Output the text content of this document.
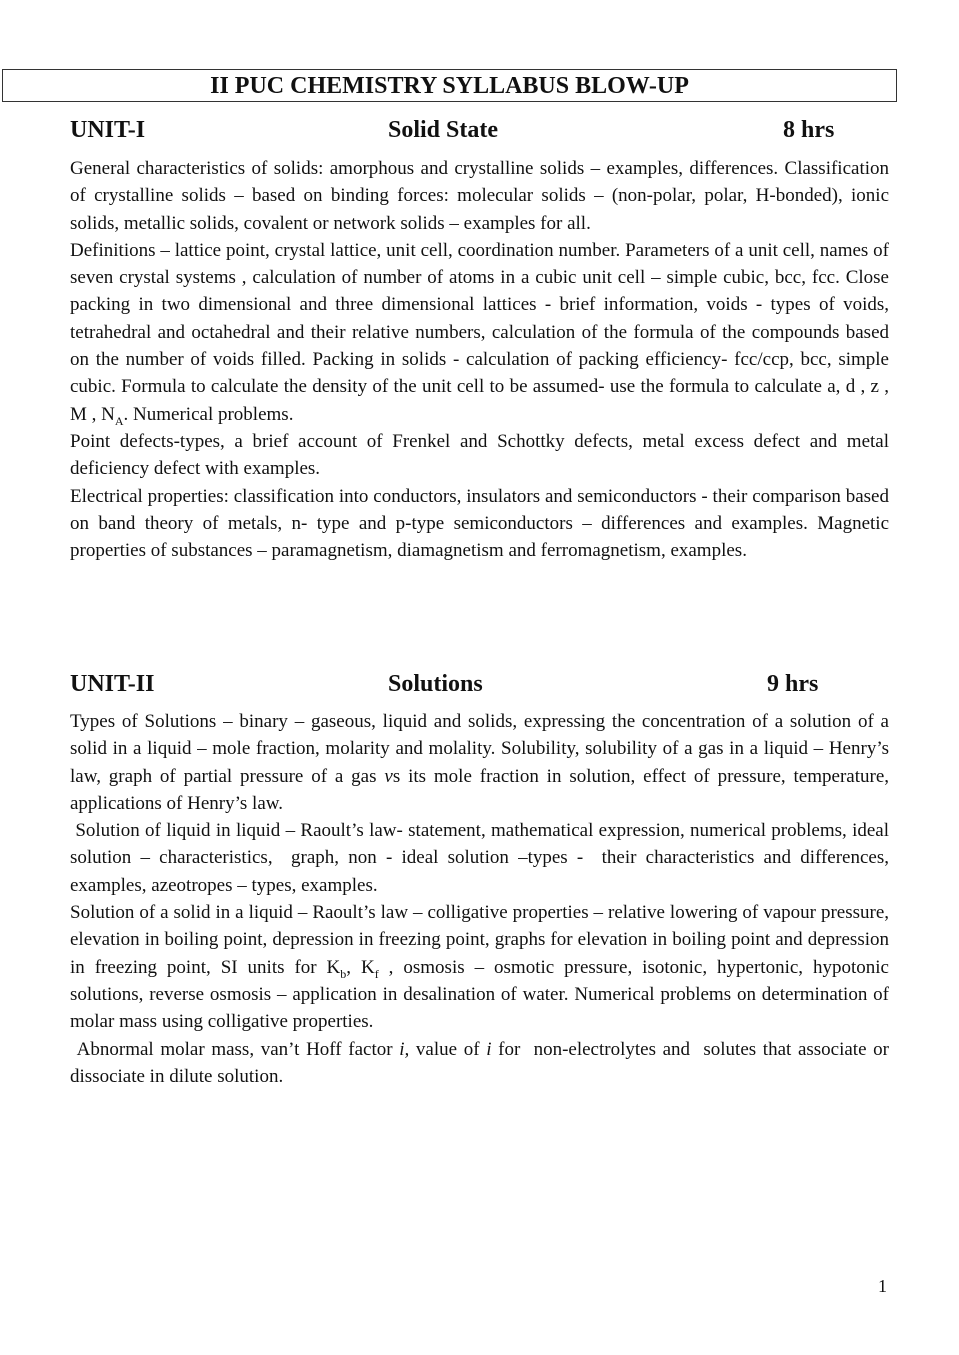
II PUC CHEMISTRY SYLLABUS BLOW-UP
UNIT-I	Solid State	8 hrs

General characteristics of solids: amorphous and crystalline solids – examples, differences. Classification of crystalline solids – based on binding forces: molecular solids – (non-polar, polar, H-bonded), ionic solids, metallic solids, covalent or network solids – examples for all.

Definitions – lattice point, crystal lattice, unit cell, coordination number. Parameters of a unit cell, names of seven crystal systems , calculation of number of atoms in a cubic unit cell – simple cubic, bcc, fcc. Close packing in two dimensional and three dimensional lattices - brief information, voids - types of voids, tetrahedral and octahedral and their relative numbers, calculation of the formula of the compounds based on the number of voids filled. Packing in solids - calculation of packing efficiency- fcc/ccp, bcc, simple cubic. Formula to calculate the density of the unit cell to be assumed- use the formula to calculate a, d , z , M , $N_A$. Numerical problems.

Point defects-types, a brief account of Frenkel and Schottky defects, metal excess defect and metal deficiency defect with examples.

Electrical properties: classification into conductors, insulators and semiconductors - their comparison based on band theory of metals, n- type and p-type semiconductors – differences and examples. Magnetic properties of substances – paramagnetism, diamagnetism and ferromagnetism, examples.

UNIT-II	Solutions	9 hrs

Types of Solutions – binary – gaseous, liquid and solids, expressing the concentration of a solution of a solid in a liquid – mole fraction, molarity and molality. Solubility, solubility of a gas in a liquid – Henry’s law, graph of partial pressure of a gas vs its mole fraction in solution, effect of pressure, temperature, applications of Henry’s law.

Solution of liquid in liquid – Raoult’s law- statement, mathematical expression, numerical problems, ideal solution – characteristics,  graph, non - ideal solution –types -  their characteristics and differences, examples, azeotropes – types, examples.

Solution of a solid in a liquid – Raoult’s law – colligative properties – relative lowering of vapour pressure, elevation in boiling point, depression in freezing point, graphs for elevation in boiling point and depression in freezing point, SI units for $K_b$, $K_f$ , osmosis – osmotic pressure, isotonic, hypertonic, hypotonic solutions, reverse osmosis – application in desalination of water. Numerical problems on determination of molar mass using colligative properties.

Abnormal molar mass, van’t Hoff factor i, value of i for  non-electrolytes and  solutes that associate or dissociate in dilute solution.

1
